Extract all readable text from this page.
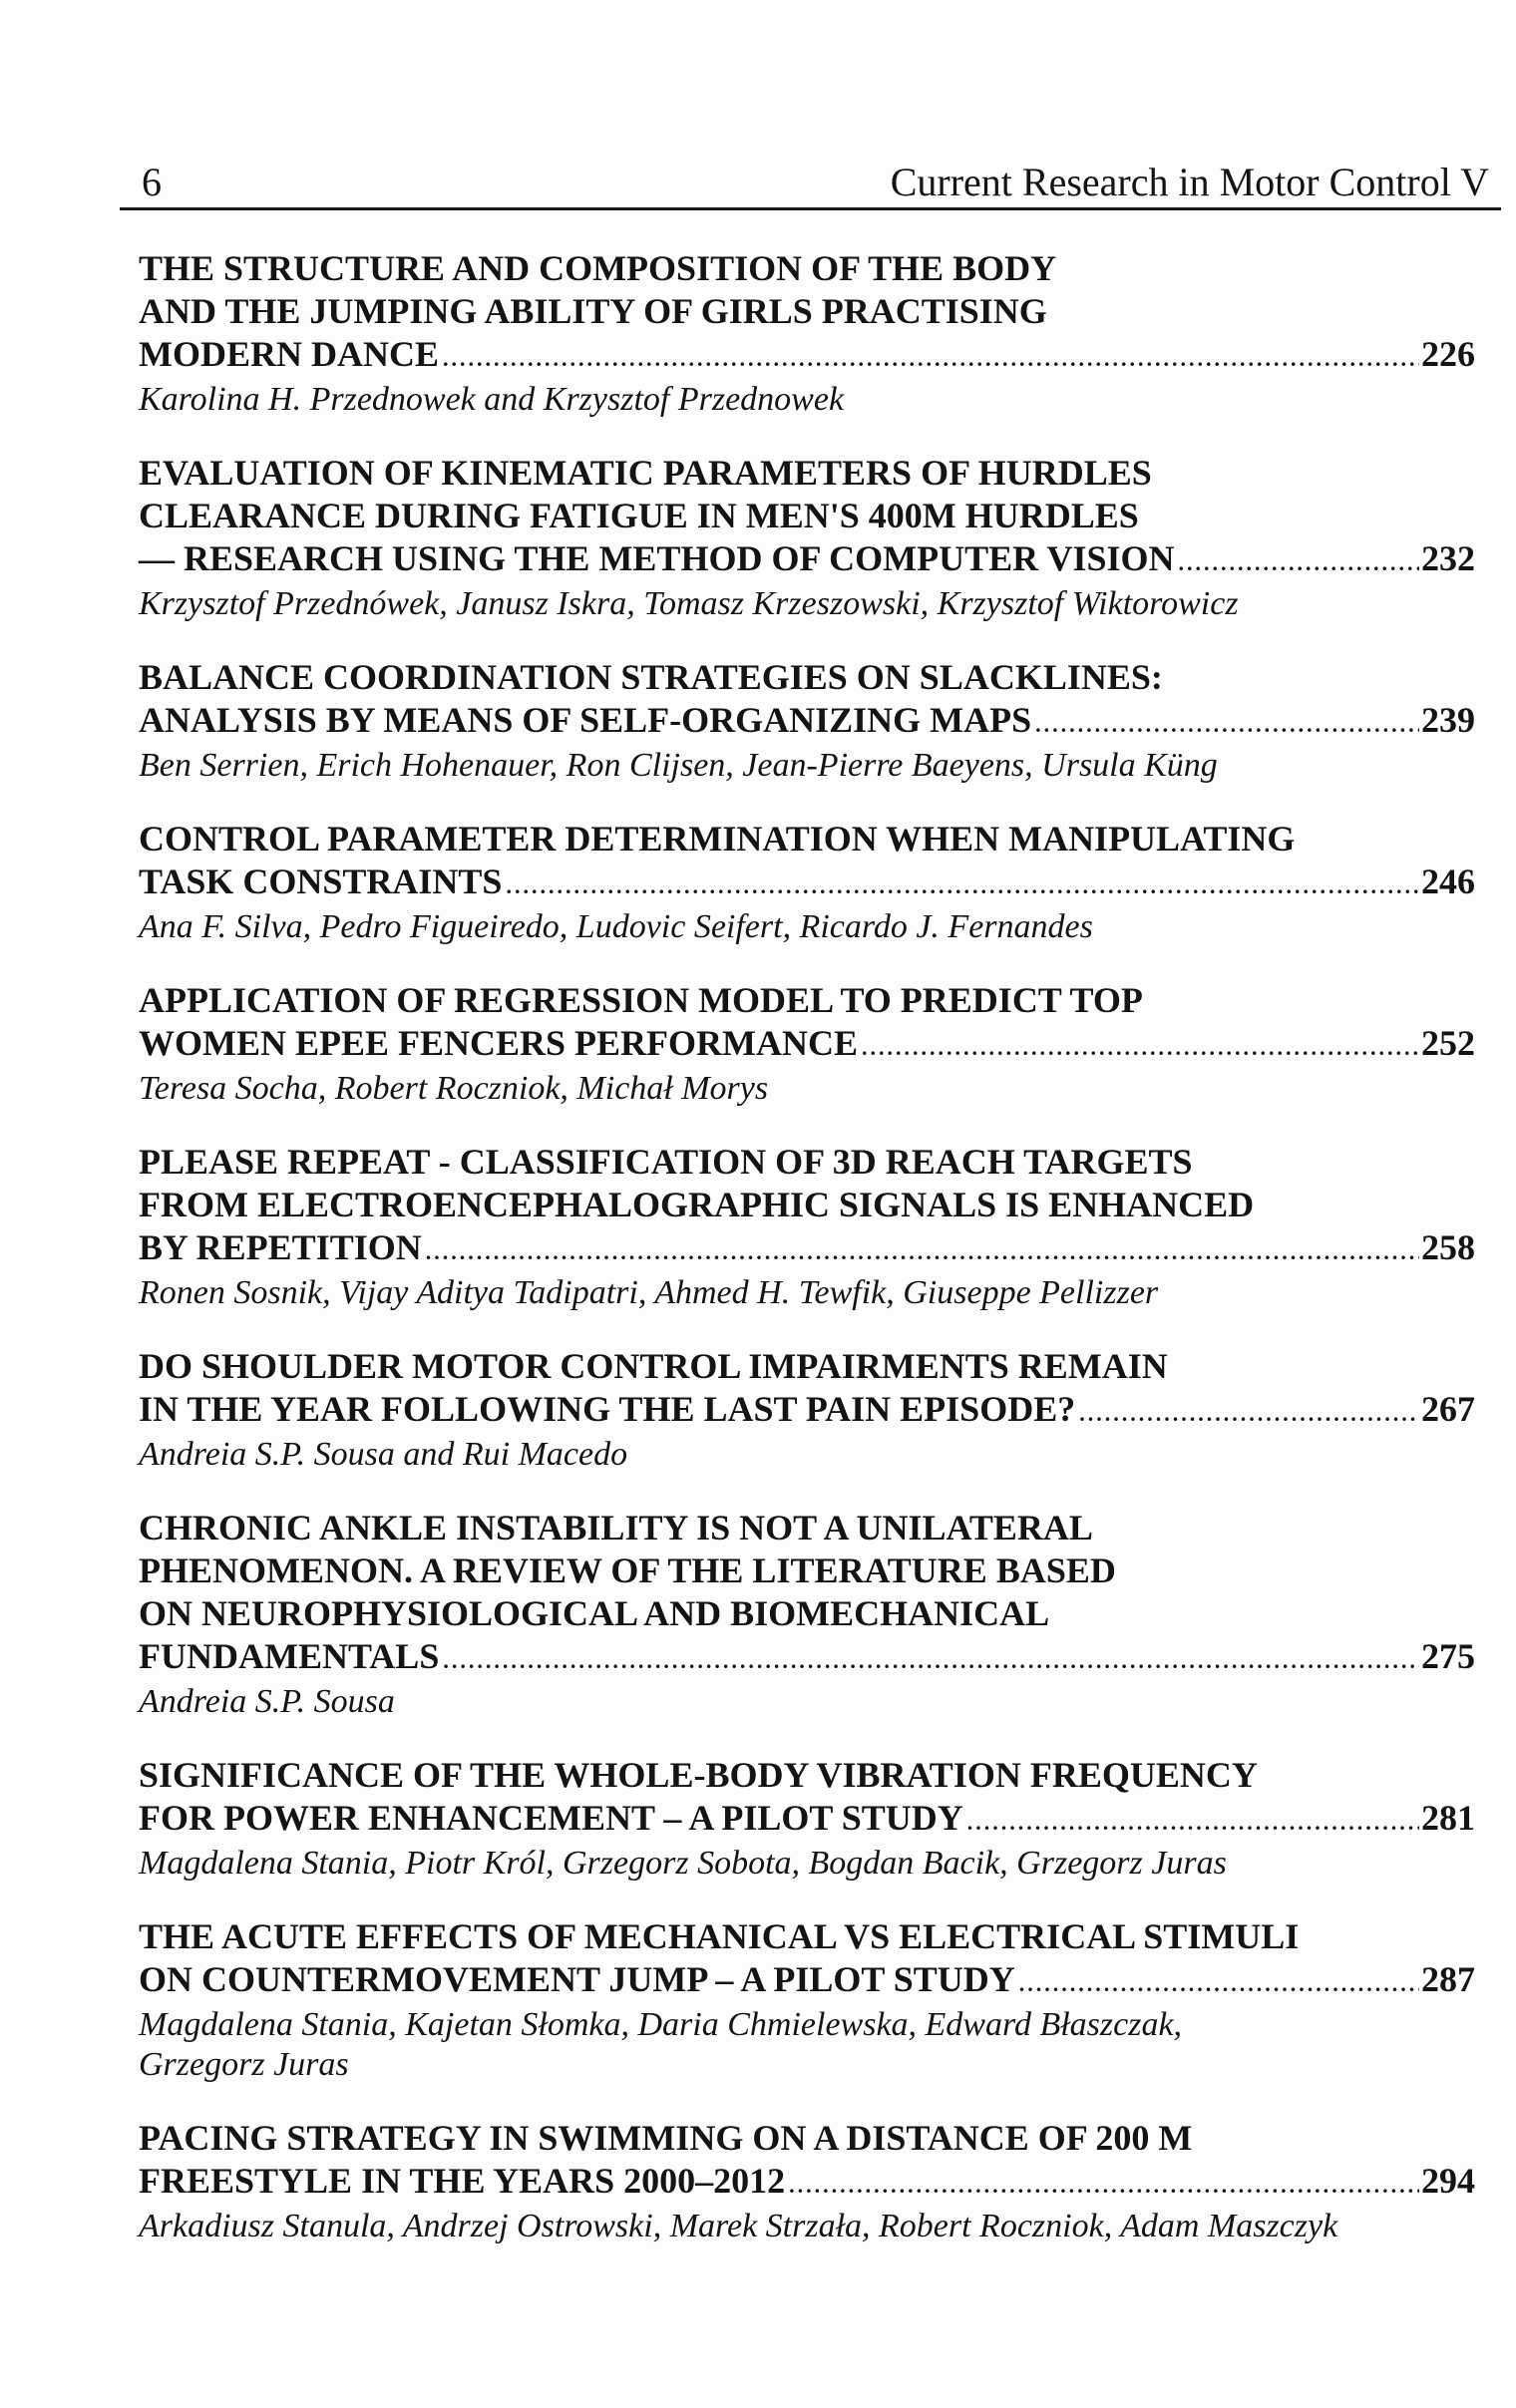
6	Current Research in Motor Control V
THE STRUCTURE AND COMPOSITION OF THE BODY
AND THE JUMPING ABILITY OF GIRLS PRACTISING
MODERN DANCE .....	226
Karolina H. Przednowek and Krzysztof Przednowek
EVALUATION OF KINEMATIC PARAMETERS OF HURDLES
CLEARANCE DURING FATIGUE IN MEN'S 400M HURDLES
— RESEARCH USING THE METHOD OF COMPUTER VISION .....	232
Krzysztof Przednówek, Janusz Iskra, Tomasz Krzeszowski, Krzysztof Wiktorowicz
BALANCE COORDINATION STRATEGIES ON SLACKLINES:
ANALYSIS BY MEANS OF SELF-ORGANIZING MAPS .....	239
Ben Serrien, Erich Hohenauer, Ron Clijsen, Jean-Pierre Baeyens, Ursula Küng
CONTROL PARAMETER DETERMINATION WHEN MANIPULATING
TASK CONSTRAINTS .....	246
Ana F. Silva, Pedro Figueiredo, Ludovic Seifert, Ricardo J. Fernandes
APPLICATION OF REGRESSION MODEL TO PREDICT TOP
WOMEN EPEE FENCERS PERFORMANCE .....	252
Teresa Socha, Robert Roczniok, Michał Morys
PLEASE REPEAT - CLASSIFICATION OF 3D REACH TARGETS
FROM ELECTROENCEPHALOGRAPHIC SIGNALS IS ENHANCED
BY REPETITION .....	258
Ronen Sosnik, Vijay Aditya Tadipatri, Ahmed H. Tewfik, Giuseppe Pellizzer
DO SHOULDER MOTOR CONTROL IMPAIRMENTS REMAIN
IN THE YEAR FOLLOWING THE LAST PAIN EPISODE? .....	267
Andreia S.P. Sousa and Rui Macedo
CHRONIC ANKLE INSTABILITY IS NOT A UNILATERAL
PHENOMENON. A REVIEW OF THE LITERATURE BASED
ON NEUROPHYSIOLOGICAL AND BIOMECHANICAL
FUNDAMENTALS .....	275
Andreia S.P. Sousa
SIGNIFICANCE OF THE WHOLE-BODY VIBRATION FREQUENCY
FOR POWER ENHANCEMENT – A PILOT STUDY .....	281
Magdalena Stania, Piotr Król, Grzegorz Sobota, Bogdan Bacik, Grzegorz Juras
THE ACUTE EFFECTS OF MECHANICAL VS ELECTRICAL STIMULI
ON COUNTERMOVEMENT JUMP – A PILOT STUDY .....	287
Magdalena Stania, Kajetan Słomka, Daria Chmielewska, Edward Błaszczak,
Grzegorz Juras
PACING STRATEGY IN SWIMMING ON A DISTANCE OF 200 M
FREESTYLE IN THE YEARS 2000–2012 .....	294
Arkadiusz Stanula, Andrzej Ostrowski, Marek Strzała, Robert Roczniok, Adam Maszczyk
